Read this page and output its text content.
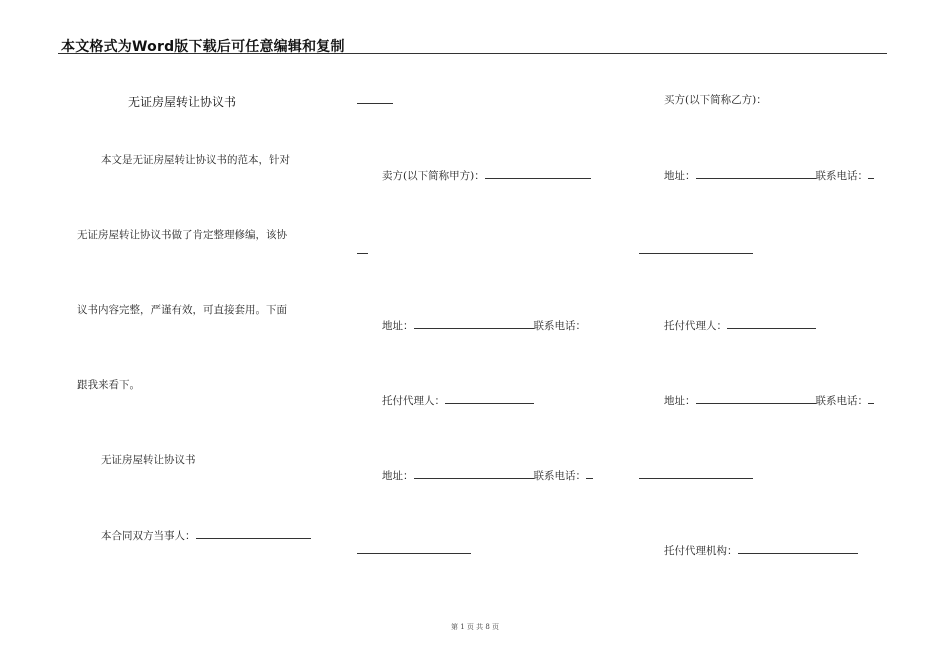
本文格式为Word版下载后可任意编辑和复制
无证房屋转让协议书
本文是无证房屋转让协议书的范本，针对
无证房屋转让协议书做了肯定整理修编，该协
议书内容完整，严谨有效，可直接套用。下面
跟我来看下。
无证房屋转让协议书
本合同双方当事人：
卖方(以下简称甲方)：
地址：	联系电话：
托付代理人：
地址：	联系电话：
买方(以下简称乙方)：
地址：	联系电话：
托付代理人：
地址：	联系电话：
托付代理机构：
第 1 页 共 8 页
